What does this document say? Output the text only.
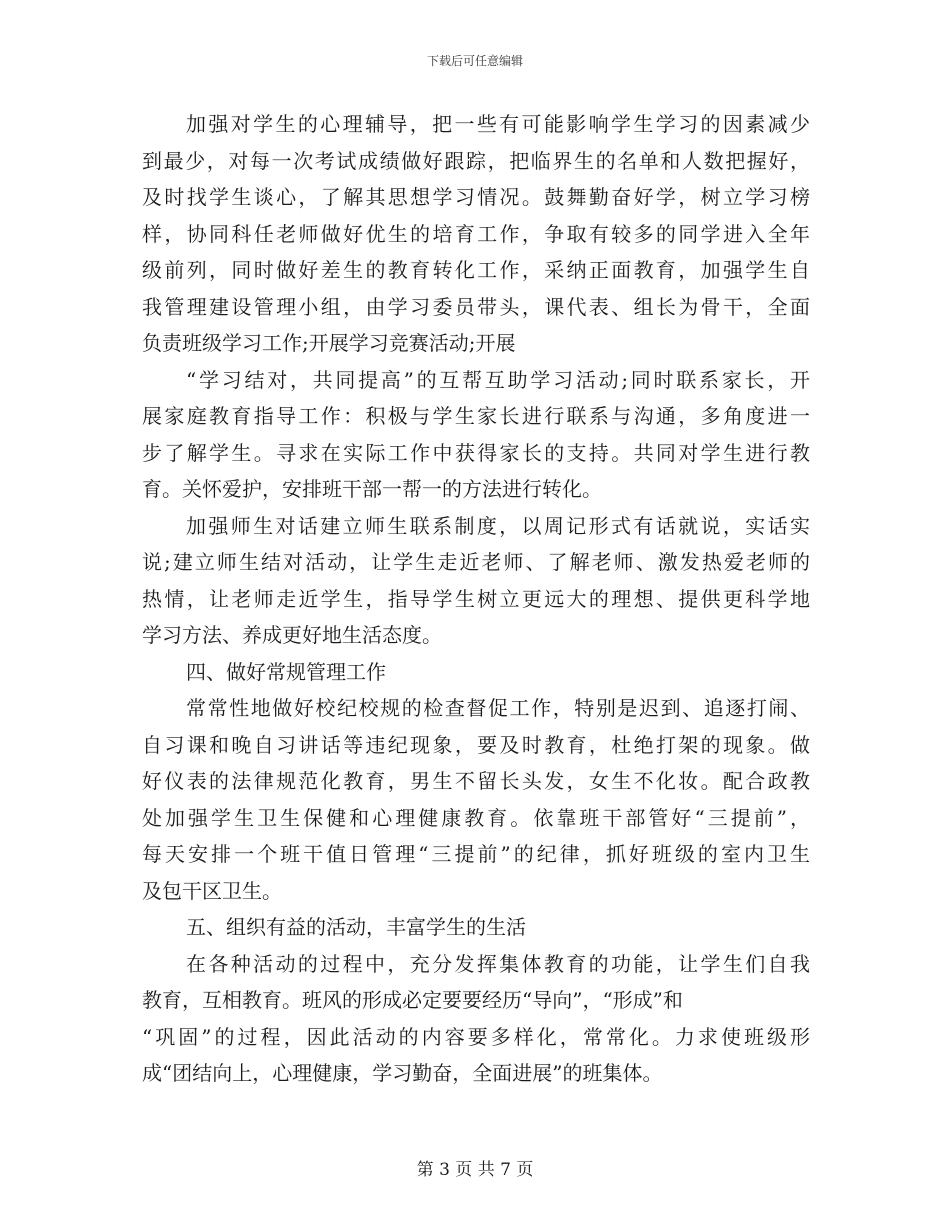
下载后可任意编辑
加强对学生的心理辅导，把一些有可能影响学生学习的因素减少
到最少，对每一次考试成绩做好跟踪，把临界生的名单和人数把握好，
及时找学生谈心，了解其思想学习情况。鼓舞勤奋好学，树立学习榜
样，协同科任老师做好优生的培育工作，争取有较多的同学进入全年
级前列，同时做好差生的教育转化工作，采纳正面教育，加强学生自
我管理建设管理小组，由学习委员带头，课代表、组长为骨干，全面
负责班级学习工作;开展学习竞赛活动;开展
“学习结对，共同提高”的互帮互助学习活动;同时联系家长，开
展家庭教育指导工作：积极与学生家长进行联系与沟通，多角度进一
步了解学生。寻求在实际工作中获得家长的支持。共同对学生进行教
育。关怀爱护，安排班干部一帮一的方法进行转化。
加强师生对话建立师生联系制度，以周记形式有话就说，实话实
说;建立师生结对活动，让学生走近老师、了解老师、激发热爱老师的
热情，让老师走近学生，指导学生树立更远大的理想、提供更科学地
学习方法、养成更好地生活态度。
四、做好常规管理工作
常常性地做好校纪校规的检查督促工作，特别是迟到、追逐打闹、
自习课和晚自习讲话等违纪现象，要及时教育，杜绝打架的现象。做
好仪表的法律规范化教育，男生不留长头发，女生不化妆。配合政教
处加强学生卫生保健和心理健康教育。依靠班干部管好“三提前”，
每天安排一个班干值日管理“三提前”的纪律，抓好班级的室内卫生
及包干区卫生。
五、组织有益的活动，丰富学生的生活
在各种活动的过程中，充分发挥集体教育的功能，让学生们自我
教育，互相教育。班风的形成必定要要经历“导向”，“形成”和
“巩固”的过程，因此活动的内容要多样化，常常化。力求使班级形
成“团结向上，心理健康，学习勤奋，全面进展”的班集体。
第 3 页 共 7 页
